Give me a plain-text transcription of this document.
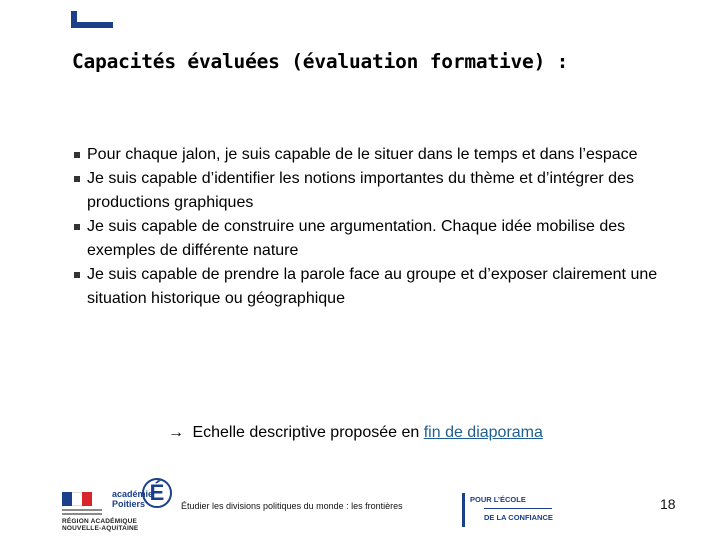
Capacités évaluées (évaluation formative) :
Pour chaque jalon, je suis capable de le situer dans le temps et dans l’espace
Je suis capable d’identifier les notions importantes du thème et d’intégrer des productions graphiques
Je suis capable de construire une argumentation. Chaque idée mobilise des exemples de différente nature
Je suis capable de prendre la parole face au groupe et d’exposer clairement une situation historique ou géographique
→ Echelle descriptive proposée en fin de diaporama
académie
Poitiers É
RÉGION ACADÉMIQUE
NOUVELLE-AQUITAINE
Étudier les divisions politiques du monde : les frontières
POUR L’ÉCOLE
DE LA CONFIANCE
18
